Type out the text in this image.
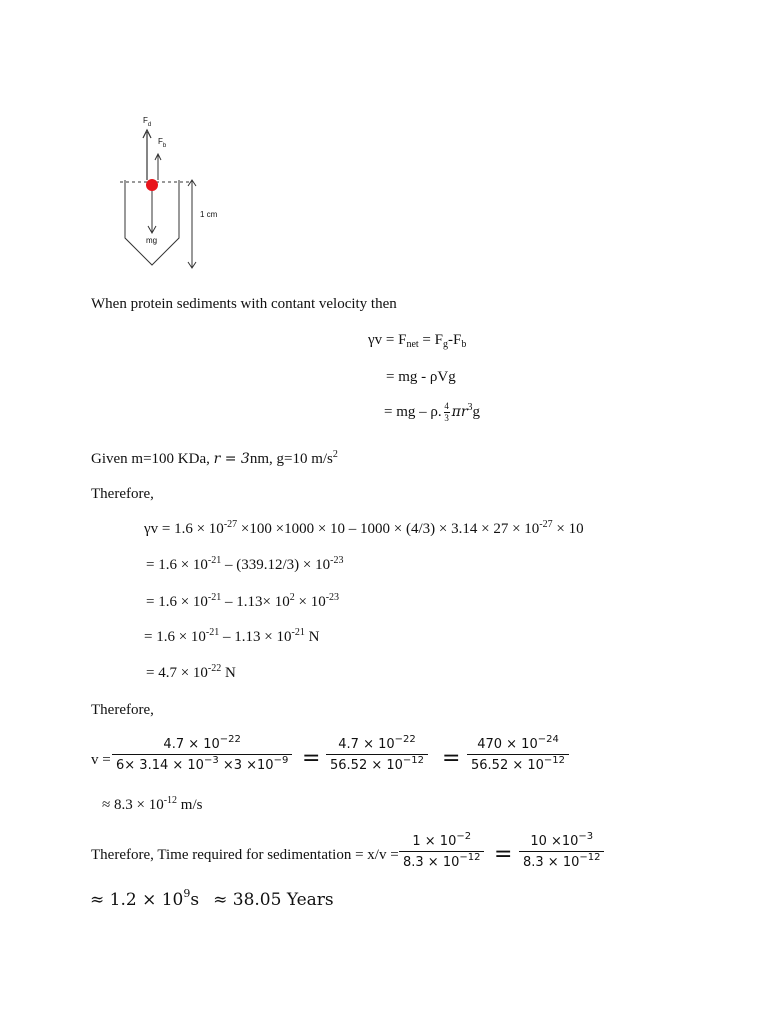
$F_d$
$F_b$
mg
1 cm
When protein sediments with contant velocity then
$\gamma v = F_{net} = F_g-F_b$
= mg - ρVg
= mg – ρ. $\frac{4}{3} \pi r^3g$
Given m=100 KDa, r = 3nm, g=10 $m/s^2$
Therefore,
$\gamma v = 1.6 \times 10^{-27} \times 100 \times 1000 \times 10 - 1000 \times (4/3) \times 3.14 \times 27 \times 10^{-27} \times 10$
= $1.6 \times 10^{-21} - (339.12/3) \times 10^{-23}$
= $1.6 \times 10^{-21} - 1.13\times 10^2 \times 10^{-23}$
= $1.6 \times 10^{-21} - 1.13 \times 10^{-21}$ N
= $4.7 \times 10^{-22}$ N
Therefore,
v =
$4.7 \times 10^{-22}$
$6\times 3.14 \times 10^{-3} \times 3 \times 10^{-9}$ =
$4.7 \times 10^{-22}$
$56.52 \times 10^{-12}$ =
$470 \times 10^{-24}$
$56.52 \times 10^{-12}$
≈ $8.3 \times 10^{-12}$ m/s
Therefore, Time required for sedimentation = x/v =
$1 \times 10^{-2}$
$8.3 \times 10^{-12}$ =
$10 \times 10^{-3}$
$8.3 \times 10^{-12}$
≈ $1.2 \times 10^9s \approx 38.05$ Years
